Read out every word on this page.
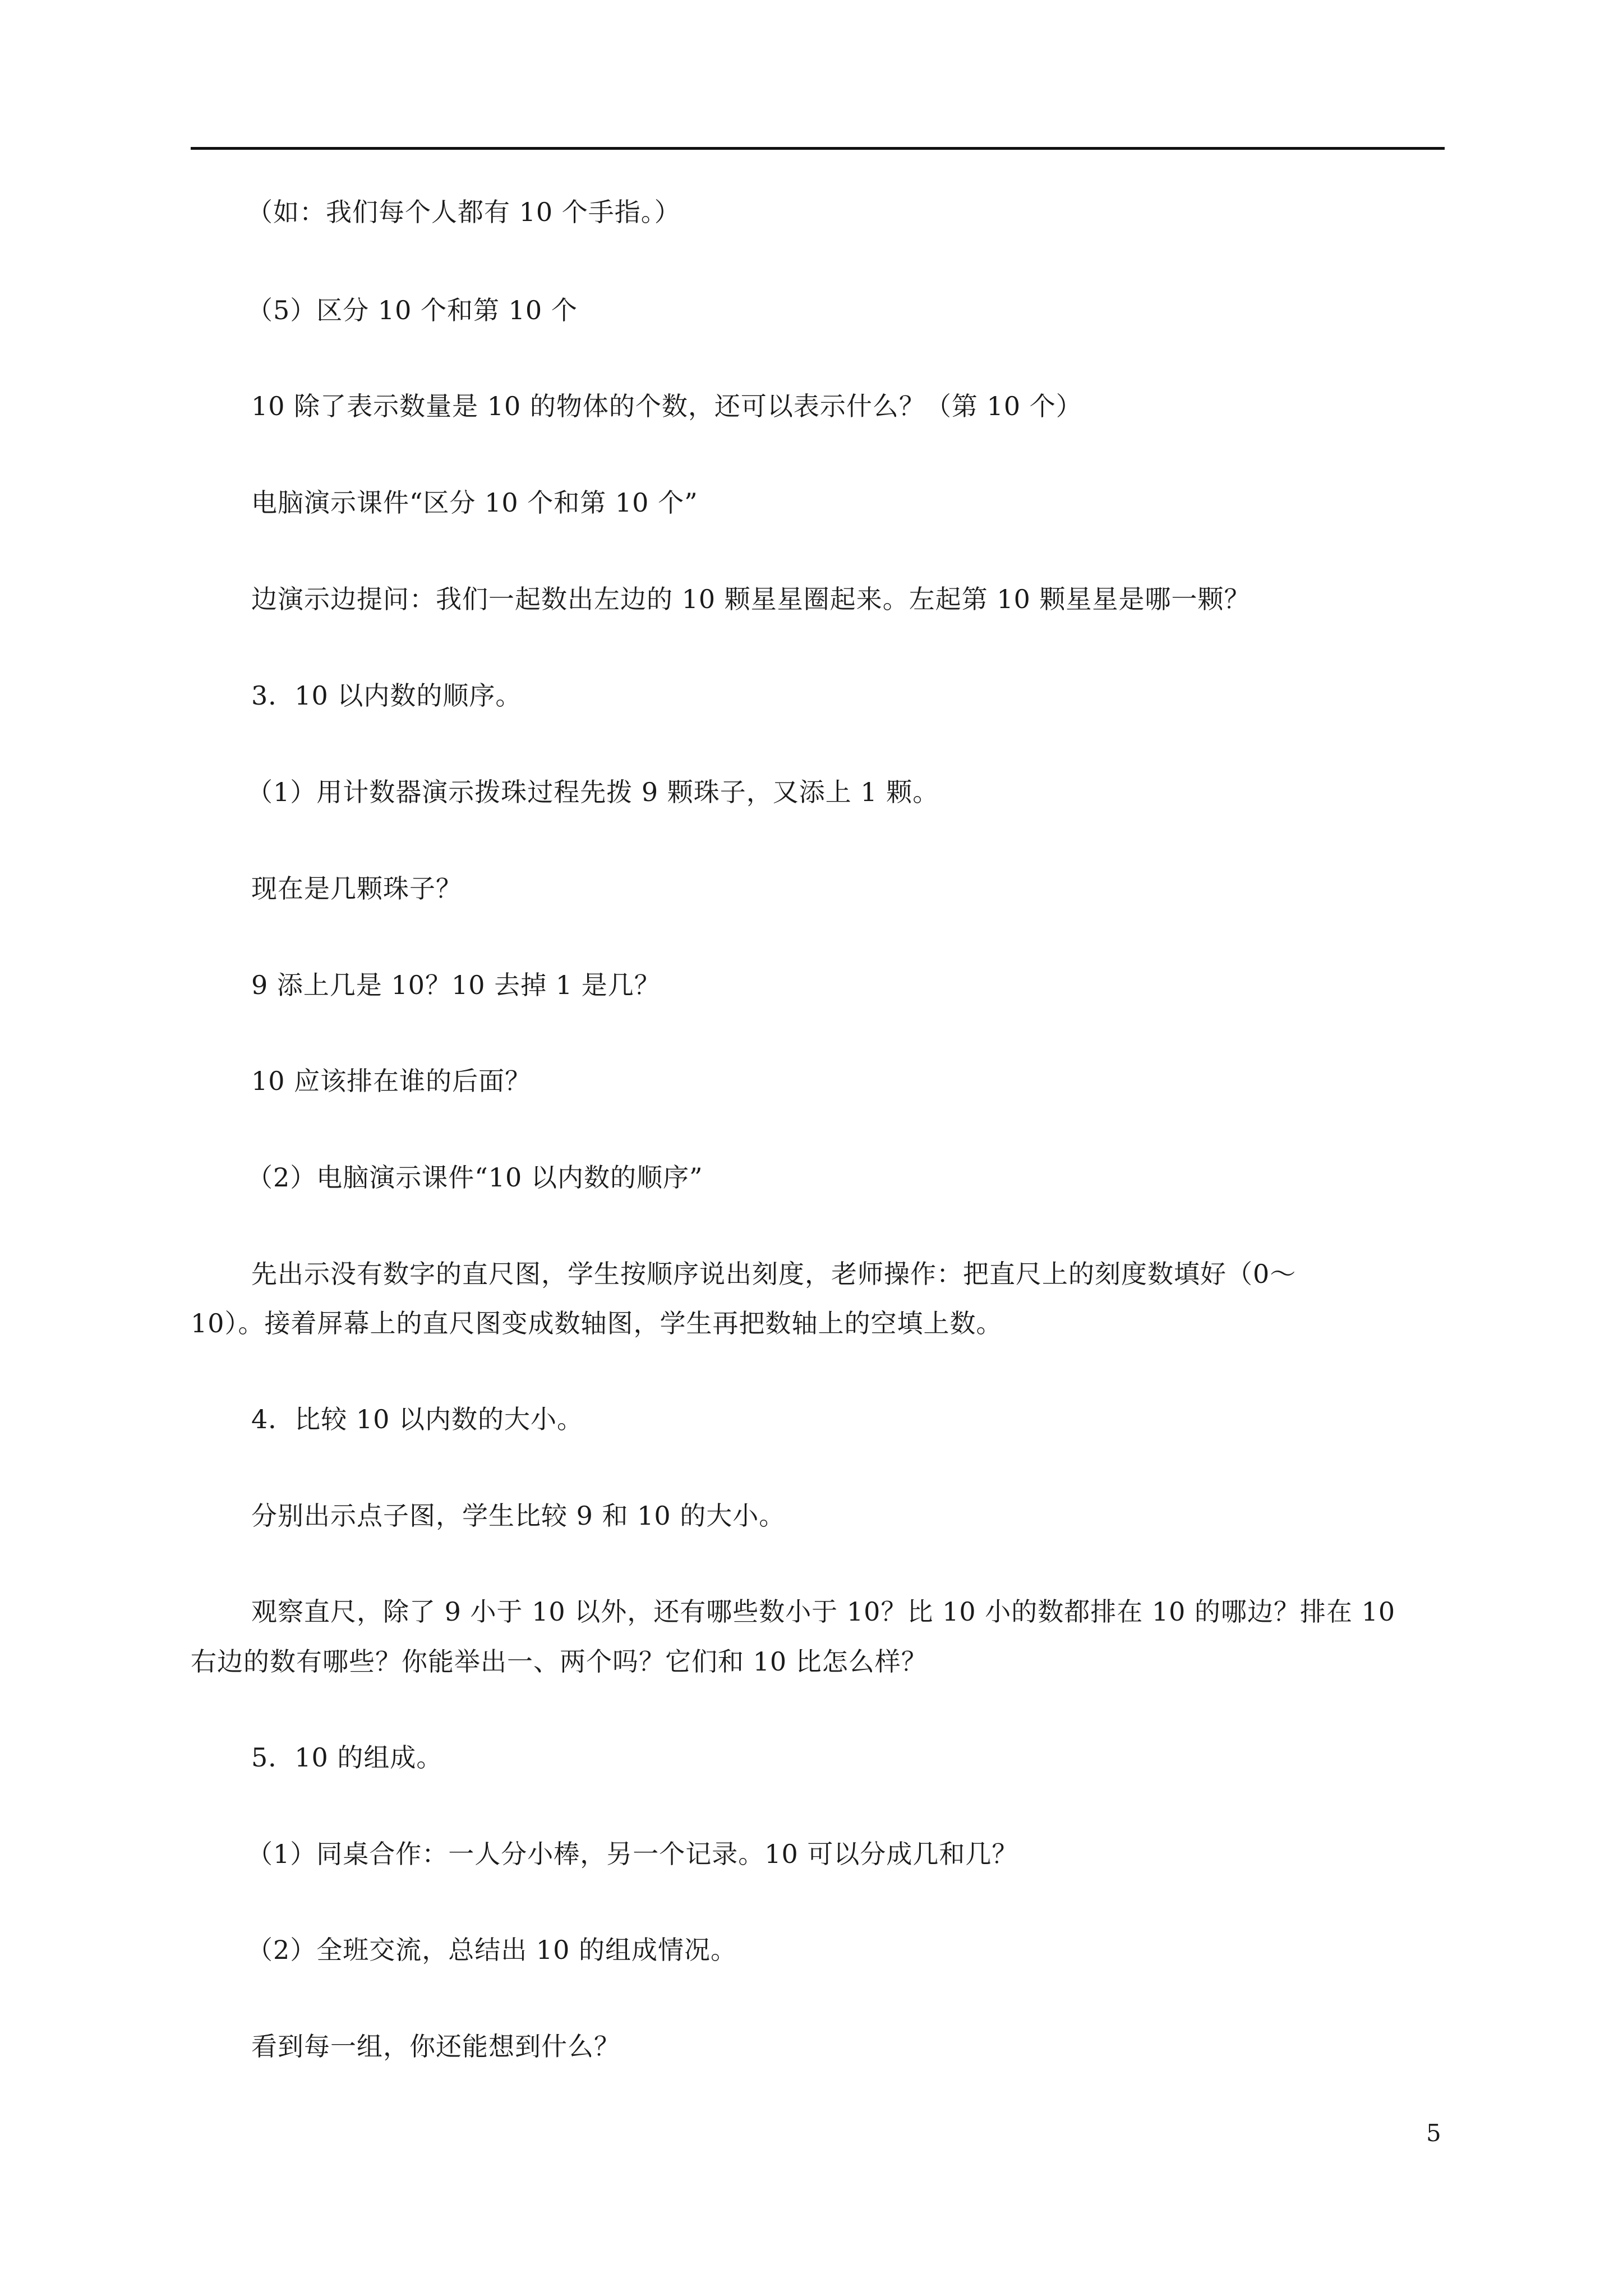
（如：我们每个人都有 10 个手指。）
（5）区分 10 个和第 10 个
10 除了表示数量是 10 的物体的个数，还可以表示什么？（第 10 个）
电脑演示课件“区分 10 个和第 10 个”
边演示边提问：我们一起数出左边的 10 颗星星圈起来。左起第 10 颗星星是哪一颗？
3．10 以内数的顺序。
（1）用计数器演示拨珠过程先拨 9 颗珠子，又添上 1 颗。
现在是几颗珠子？
9 添上几是 10？10 去掉 1 是几？
10 应该排在谁的后面？
（2）电脑演示课件“10 以内数的顺序”
先出示没有数字的直尺图，学生按顺序说出刻度，老师操作：把直尺上的刻度数填好（0～
10）。接着屏幕上的直尺图变成数轴图，学生再把数轴上的空填上数。
4．比较 10 以内数的大小。
分别出示点子图，学生比较 9 和 10 的大小。
观察直尺，除了 9 小于 10 以外，还有哪些数小于 10？比 10 小的数都排在 10 的哪边？排在 10
右边的数有哪些？你能举出一、两个吗？它们和 10 比怎么样？
5．10 的组成。
（1）同桌合作：一人分小棒，另一个记录。10 可以分成几和几？
（2）全班交流，总结出 10 的组成情况。
看到每一组，你还能想到什么？
5
